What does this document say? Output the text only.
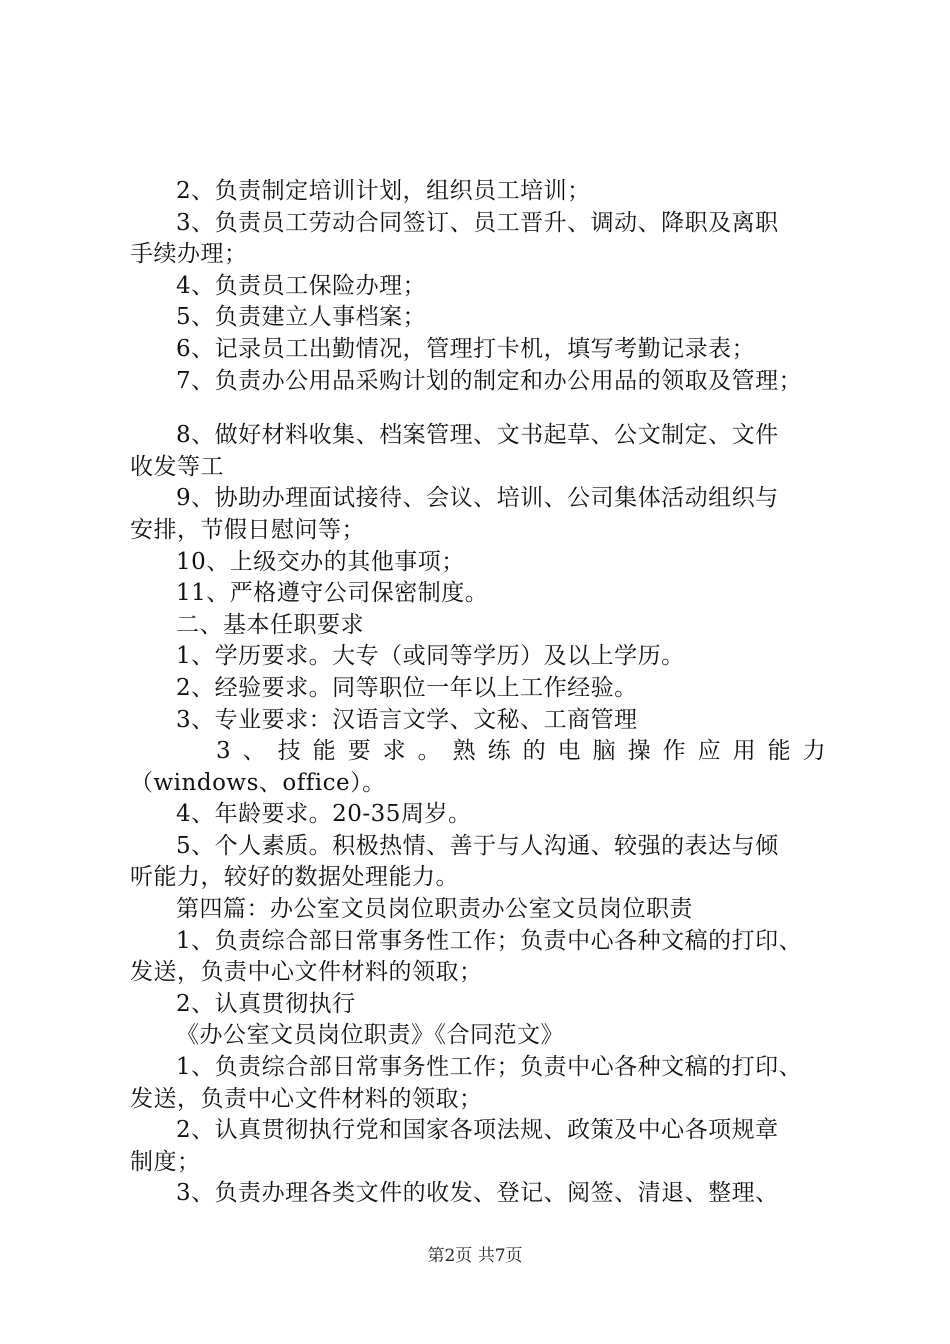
2、负责制定培训计划，组织员工培训；
3、负责员工劳动合同签订、员工晋升、调动、降职及离职
手续办理；
4、负责员工保险办理；
5、负责建立人事档案；
6、记录员工出勤情况，管理打卡机，填写考勤记录表；
7、负责办公用品采购计划的制定和办公用品的领取及管理；
8、做好材料收集、档案管理、文书起草、公文制定、文件
收发等工
9、协助办理面试接待、会议、培训、公司集体活动组织与
安排，节假日慰问等；
10、上级交办的其他事项；
11、严格遵守公司保密制度。
二、基本任职要求
1、学历要求。大专（或同等学历）及以上学历。
2、经验要求。同等职位一年以上工作经验。
3、专业要求：汉语言文学、文秘、工商管理
3、技能要求。熟练的电脑操作应用能力
（windows、office）。
4、年龄要求。20-35周岁。
5、个人素质。积极热情、善于与人沟通、较强的表达与倾
听能力，较好的数据处理能力。
第四篇：办公室文员岗位职责办公室文员岗位职责
1、负责综合部日常事务性工作；负责中心各种文稿的打印、
发送，负责中心文件材料的领取；
2、认真贯彻执行
《办公室文员岗位职责》《合同范文》
1、负责综合部日常事务性工作；负责中心各种文稿的打印、
发送，负责中心文件材料的领取；
2、认真贯彻执行党和国家各项法规、政策及中心各项规章
制度；
3、负责办理各类文件的收发、登记、阅签、清退、整理、
第2页 共7页
